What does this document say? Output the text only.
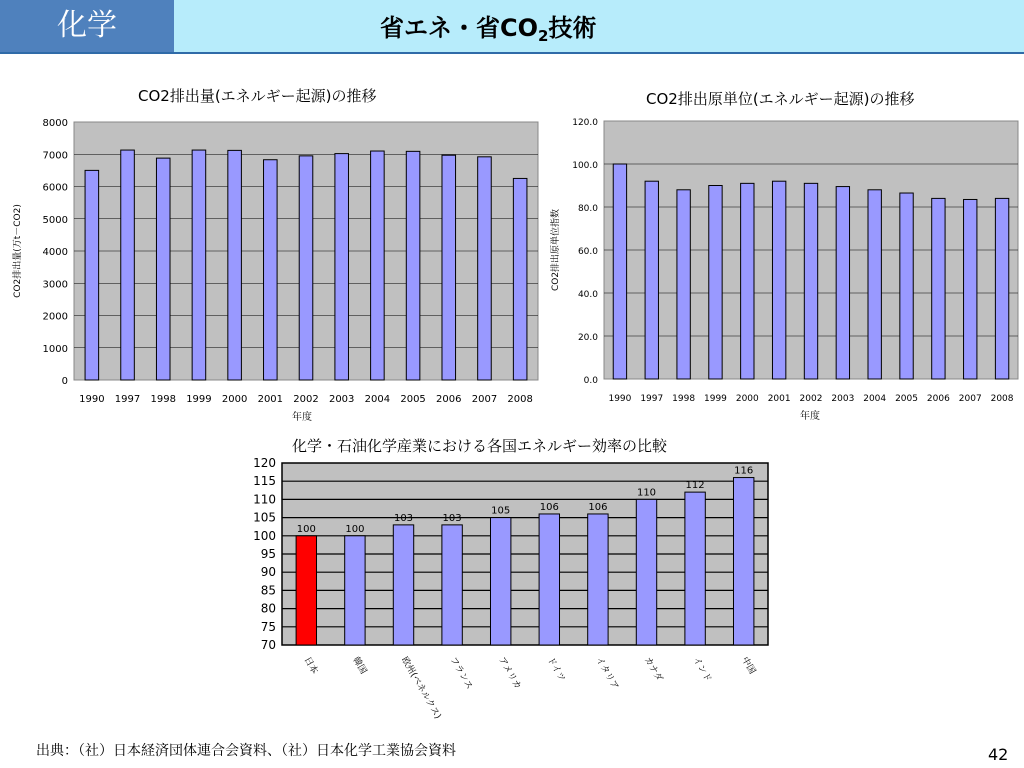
化学	省エネ・省$CO_2$技術
CO2排出量(エネルギー起源)の推移
0
1000
2000
3000
4000
5000
6000
7000
8000
1990 1997 1998 1999 2000 2001 2002 2003 2004 2005 2006 2007 2008
年度
CO2排出量(万t－CO2)
CO2排出原単位(エネルギー起源)の推移
0.0
20.0
40.0
60.0
80.0
100.0
120.0
1990 1997 1998 1999 2000 2001 2002 2003 2004 2005 2006 2007 2008
年度
CO2排出原単位指数
化学・石油化学産業における各国エネルギー効率の比較
70
75
80
85
90
95
100
105
110
115
120
100
日本
100
韓国
103
欧州(ベネルクス)
103
フランス
105
アメリカ
106
ドイツ
106
イタリア
110
カナダ
112
インド
116
中国
出典：（社）日本経済団体連合会資料、（社）日本化学工業協会資料	42
